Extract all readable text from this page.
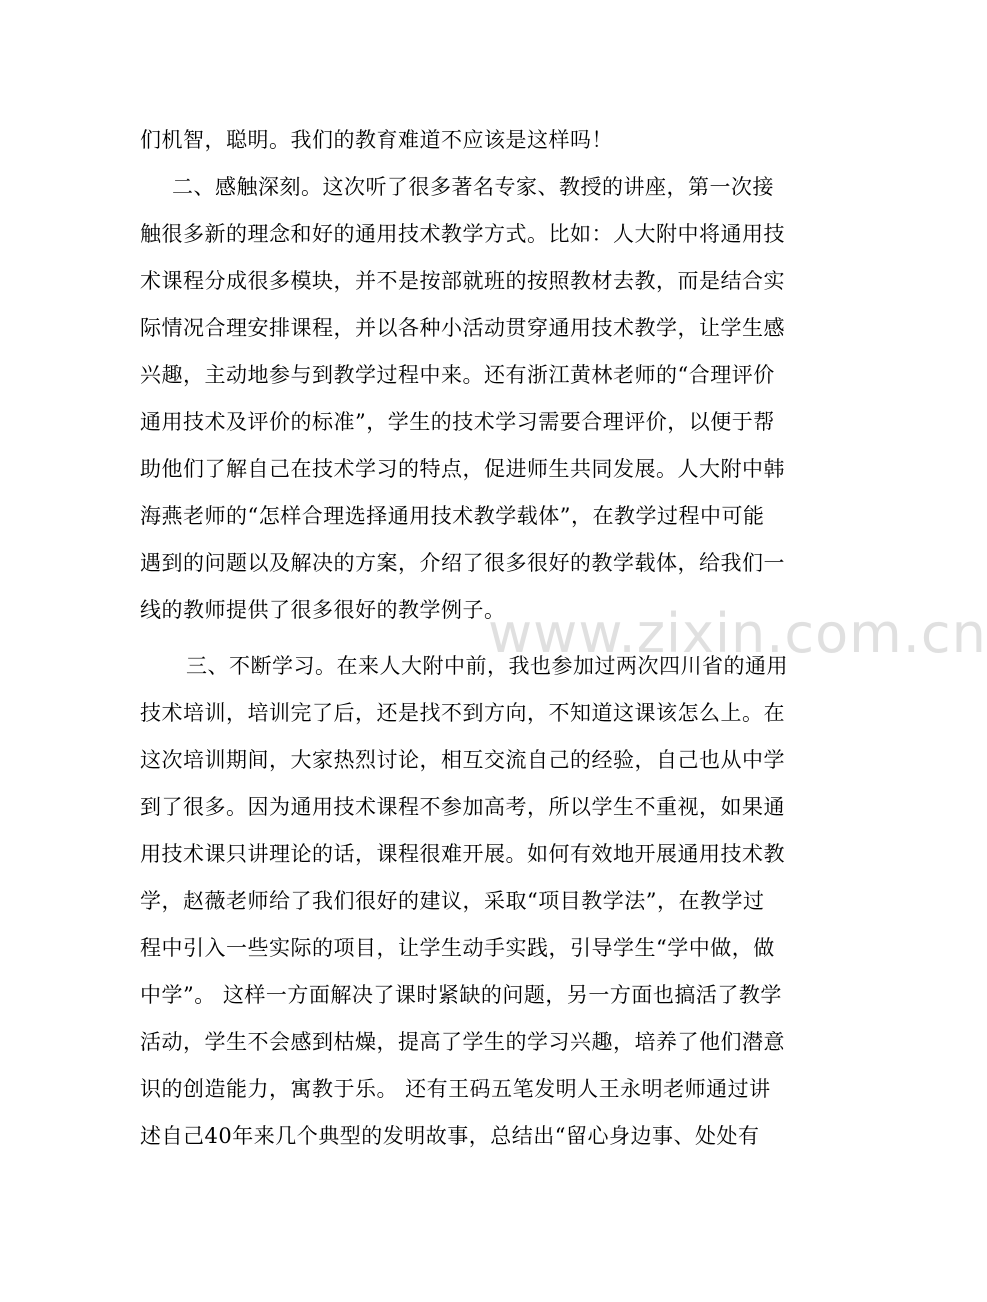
们机智，聪明。我们的教育难道不应该是这样吗！
二、感触深刻。这次听了很多著名专家、教授的讲座，第一次接
触很多新的理念和好的通用技术教学方式。比如：人大附中将通用技
术课程分成很多模块，并不是按部就班的按照教材去教，而是结合实
际情况合理安排课程，并以各种小活动贯穿通用技术教学，让学生感
兴趣，主动地参与到教学过程中来。还有浙江黄林老师的“合理评价
通用技术及评价的标准”，学生的技术学习需要合理评价，以便于帮
助他们了解自己在技术学习的特点，促进师生共同发展。人大附中韩
海燕老师的“怎样合理选择通用技术教学载体”，在教学过程中可能
遇到的问题以及解决的方案，介绍了很多很好的教学载体，给我们一
线的教师提供了很多很好的教学例子。
三、不断学习。在来人大附中前，我也参加过两次四川省的通用
技术培训，培训完了后，还是找不到方向，不知道这课该怎么上。在
这次培训期间，大家热烈讨论，相互交流自己的经验，自己也从中学
到了很多。因为通用技术课程不参加高考，所以学生不重视，如果通
用技术课只讲理论的话，课程很难开展。如何有效地开展通用技术教
学，赵薇老师给了我们很好的建议，采取“项目教学法”，在教学过
程中引入一些实际的项目，让学生动手实践，引导学生“学中做，做
中学”。 这样一方面解决了课时紧缺的问题，另一方面也搞活了教学
活动，学生不会感到枯燥，提高了学生的学习兴趣，培养了他们潜意
识的创造能力，寓教于乐。 还有王码五笔发明人王永明老师通过讲
述自己40年来几个典型的发明故事，总结出“留心身边事、处处有
www.zixin.com.cn
